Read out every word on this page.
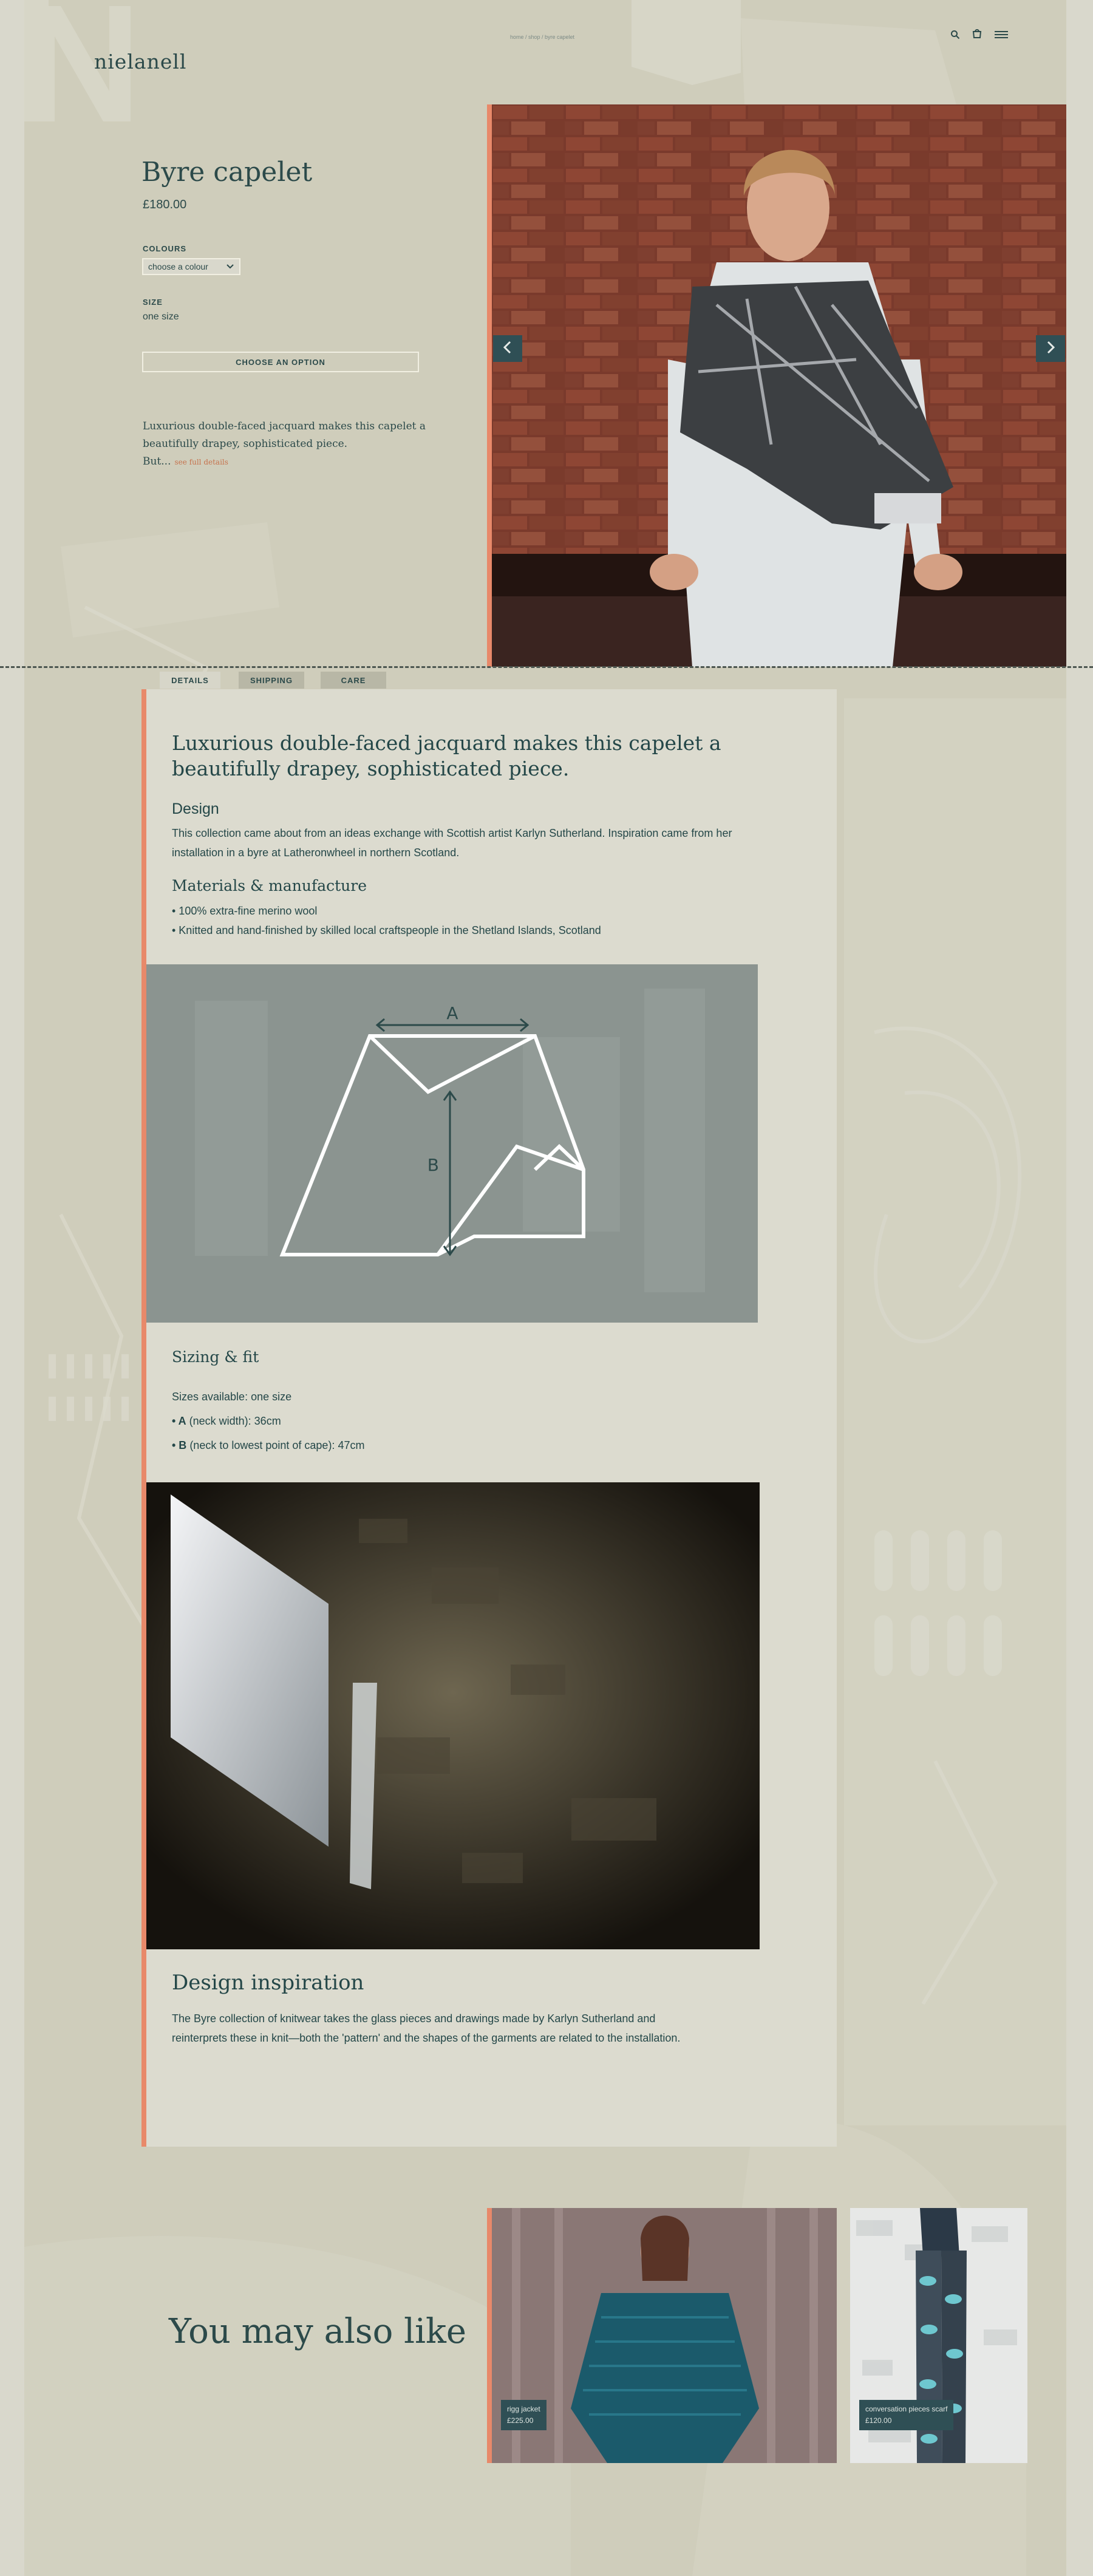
nielanell
home / shop / byre capelet
Byre capelet
£180.00
COLOURS
choose a colour
SIZE
one size
CHOOSE AN OPTION
Luxurious double-faced jacquard makes this capelet a beautifully drapey, sophisticated piece.
But... see full details
DETAILS	SHIPPING	CARE
Luxurious double-faced jacquard makes this capelet a beautifully drapey, sophisticated piece.
Design
This collection came about from an ideas exchange with Scottish artist Karlyn Sutherland. Inspiration came from her installation in a byre at Latheronwheel in northern Scotland.
Materials & manufacture
• 100% extra-fine merino wool
• Knitted and hand-finished by skilled local craftspeople in the Shetland Islands, Scotland
A
B
Sizing & fit
Sizes available: one size
• A (neck width): 36cm
• B (neck to lowest point of cape): 47cm
Design inspiration
The Byre collection of knitwear takes the glass pieces and drawings made by Karlyn Sutherland and reinterprets these in knit—both the 'pattern' and the shapes of the garments are related to the installation.
You may also like
rigg jacket
£225.00
conversation pieces scarf
£120.00
